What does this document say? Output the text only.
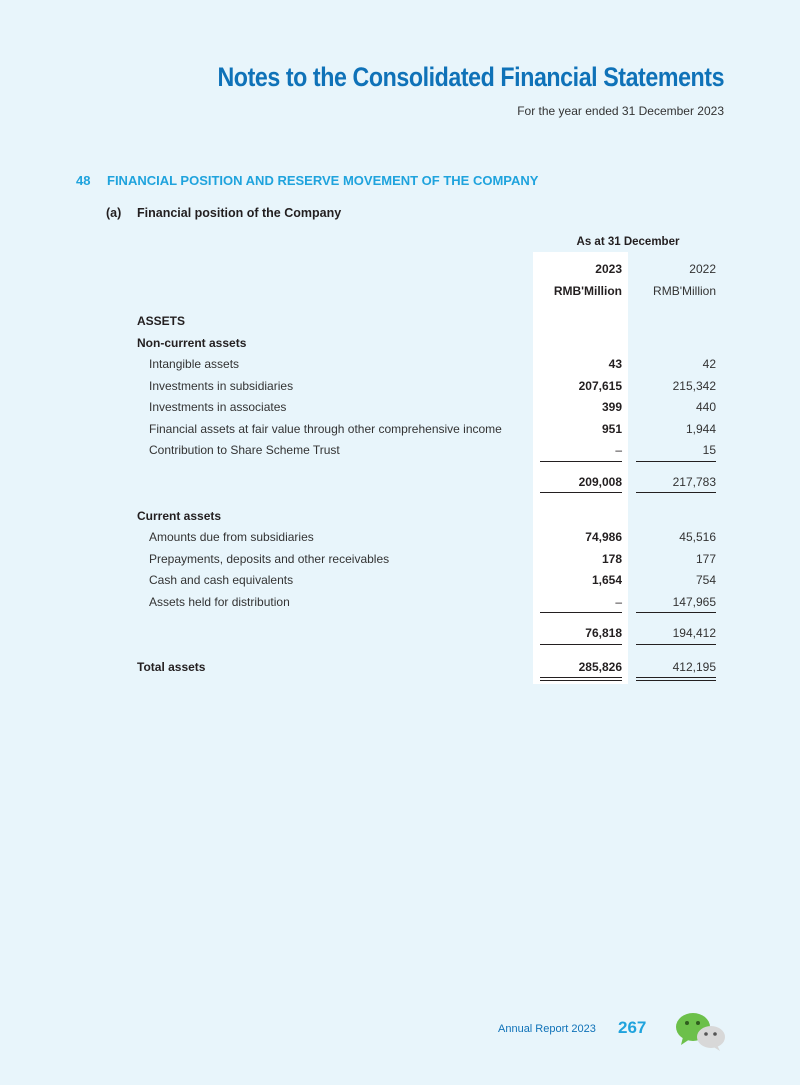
Notes to the Consolidated Financial Statements
For the year ended 31 December 2023
48 FINANCIAL POSITION AND RESERVE MOVEMENT OF THE COMPANY
(a) Financial position of the Company
As at 31 December
2023	2022
RMB'Million	RMB'Million
ASSETS
Non-current assets
Intangible assets	43	42
Investments in subsidiaries	207,615	215,342
Investments in associates	399	440
Financial assets at fair value through other comprehensive income	951	1,944
Contribution to Share Scheme Trust	–	15
209,008	217,783
Current assets
Amounts due from subsidiaries	74,986	45,516
Prepayments, deposits and other receivables	178	177
Cash and cash equivalents	1,654	754
Assets held for distribution	–	147,965
76,818	194,412
Total assets	285,826	412,195
Annual Report 2023 267
